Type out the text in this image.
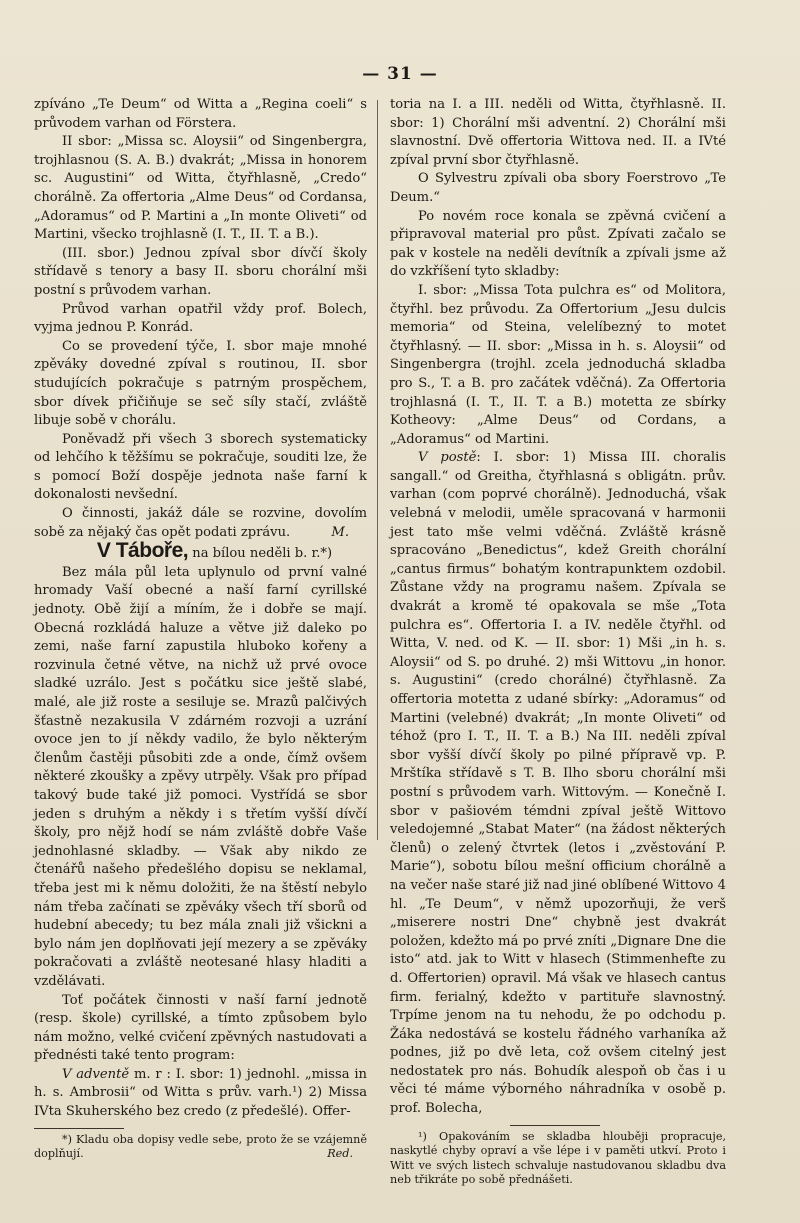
— 31 —

zpíváno „Te Deum“ od Witta a „Regina coeli“ s průvodem varhan od Förstera.

II sbor: „Missa sc. Aloysii“ od Singenbergra, trojhlasnou (S. A. B.) dvakrát; „Missa in honorem sc. Augustini“ od Witta, čtyřhlasně, „Credo“ chorálně. Za offertoria „Alme Deus“ od Cordansa, „Adoramus“ od P. Martini a „In monte Oliveti“ od Martini, všecko trojhlasně (I. T., II. T. a B.).

(III. sbor.) Jednou zpíval sbor dívčí školy střídavě s tenory a basy II. sboru chorální mši postní s průvodem varhan.

Průvod varhan opatřil vždy prof. Bolech, vyjma jednou P. Konrád.

Co se provedení týče, I. sbor maje mnohé zpěváky dovedné zpíval s routinou, II. sbor studujících pokračuje s patrným prospěchem, sbor dívek přičiňuje se seč síly stačí, zvláště libuje sobě v chorálu.

Poněvadž při všech 3 sborech systematicky od lehčího k těžšímu se pokračuje, souditi lze, že s pomocí Boží dospěje jednota naše farní k dokonalosti nevšední.

O činnosti, jakáž dále se rozvine, dovolím sobě za nějaký čas opět podati zprávu.	M.

V Táboře, na bílou neděli b. r.*)

Bez mála půl leta uplynulo od první valné hromady Vaší obecné a naší farní cyrillské jednoty. Obě žijí a míním, že i dobře se mají. Obecná rozkládá haluze a větve již daleko po zemi, naše farní zapustila hluboko kořeny a rozvinula četné větve, na nichž už prvé ovoce sladké uzrálo. Jest s počátku sice ještě slabé, malé, ale již roste a sesiluje se. Mrazů palčivých šťastně nezakusila V zdárném rozvoji a uzrání ovoce jen to jí někdy vadilo, že bylo některým členům častěji působiti zde a onde, čímž ovšem některé zkoušky a zpěvy utrpěly. Však pro případ takový bude také již pomoci. Vystřídá se sbor jeden s druhým a někdy i s třetím vyšší dívčí školy, pro nějž hodí se nám zvláště dobře Vaše jednohlasné skladby. — Však aby nikdo ze čtenářů našeho předešlého dopisu se neklamal, třeba jest mi k němu doložiti, že na štěstí nebylo nám třeba začínati se zpěváky všech tří sborů od hudební abecedy; tu bez mála znali již všickni a bylo nám jen doplňovati její mezery a se zpěváky pokračovati a zvláště neotesané hlasy hladiti a vzdělávati.

Toť počátek činnosti v naší farní jednotě (resp. škole) cyrillské, a tímto způsobem bylo nám možno, velké cvičení zpěvných nastudovati a přednésti také tento program:

V adventě m. r : I. sbor: 1) jednohl. „missa in h. s. Ambrosii“ od Witta s prův. varh.¹) 2) Missa IVta Skuherského bez credo (z předešlé). Offer-

*) Kladu oba dopisy vedle sebe, proto že se vzájemně doplňují.	Red.

toria na I. a III. neděli od Witta, čtyřhlasně. II. sbor: 1) Chorální mši adventní. 2) Chorální mši slavnostní. Dvě offertoria Wittova ned. II. a IVté zpíval první sbor čtyřhlasně.

O Sylvestru zpívali oba sbory Foerstrovo „Te Deum.“

Po novém roce konala se zpěvná cvičení a připravoval material pro půst. Zpívati začalo se pak v kostele na neděli devítník a zpívali jsme až do vzkříšení tyto skladby:

I. sbor: „Missa Tota pulchra es“ od Molitora, čtyřhl. bez průvodu. Za Offertorium „Jesu dulcis memoria“ od Steina, velelíbezný to motet čtyřhlasný. — II. sbor: „Missa in h. s. Aloysii“ od Singenbergra (trojhl. zcela jednoduchá skladba pro S., T. a B. pro začátek vděčná). Za Offertoria trojhlasná (I. T., II. T. a B.) motetta ze sbírky Kotheovy: „Alme Deus“ od Cordans, a „Adoramus“ od Martini.

V postě: I. sbor: 1) Missa III. choralis sangall.“ od Greitha, čtyřhlasná s obligátn. prův. varhan (com poprvé chorálně). Jednoduchá, však velebná v melodii, uměle spracovaná v harmonii jest tato mše velmi vděčná. Zvláště krásně spracováno „Benedictus“, kdež Greith chorální „cantus firmus“ bohatým kontrapunktem ozdobil. Zůstane vždy na programu našem. Zpívala se dvakrát a kromě té opakovala se mše „Tota pulchra es“. Offertoria I. a IV. neděle čtyřhl. od Witta, V. ned. od K. — II. sbor: 1) Mši „in h. s. Aloysii“ od S. po druhé. 2) mši Wittovu „in honor. s. Augustini“ (credo chorálné) čtyřhlasně. Za offertoria motetta z udané sbírky: „Adoramus“ od Martini (velebné) dvakrát; „In monte Oliveti“ od téhož (pro I. T., II. T. a B.) Na III. neděli zpíval sbor vyšší dívčí školy po pilné přípravě vp. P. Mrštíka střídavě s T. B. Ilho sboru chorální mši postní s průvodem varh. Wittovým. — Konečně I. sbor v pašiovém témdni zpíval ještě Wittovo veledojemné „Stabat Mater“ (na žádost některých členů) o zelený čtvrtek (letos i „zvěstování P. Marie“), sobotu bílou mešní officium chorálně a na večer naše staré již nad jiné oblíbené Wittovo 4 hl. „Te Deum“, v němž upozorňuji, že verš „miserere nostri Dne“ chybně jest dvakrát položen, kdežto má po prvé zníti „Dignare Dne die isto“ atd. jak to Witt v hlasech (Stimmenhefte zu d. Offertorien) opravil. Má však ve hlasech cantus firm. ferialný, kdežto v partituře slavnostný. Trpíme jenom na tu nehodu, že po odchodu p. Žáka nedostává se kostelu řádného varhaníka až podnes, již po dvě leta, což ovšem citelný jest nedostatek pro nás. Bohudík alespoň ob čas i u věci té máme výborného náhradníka v osobě p. prof. Bolecha,

¹) Opakováním se skladba hlouběji propracuje, naskytlé chyby opraví a vše lépe i v paměti utkví. Proto i Witt ve svých listech schvaluje nastudovanou skladbu dva neb třikráte po sobě přednášeti.
